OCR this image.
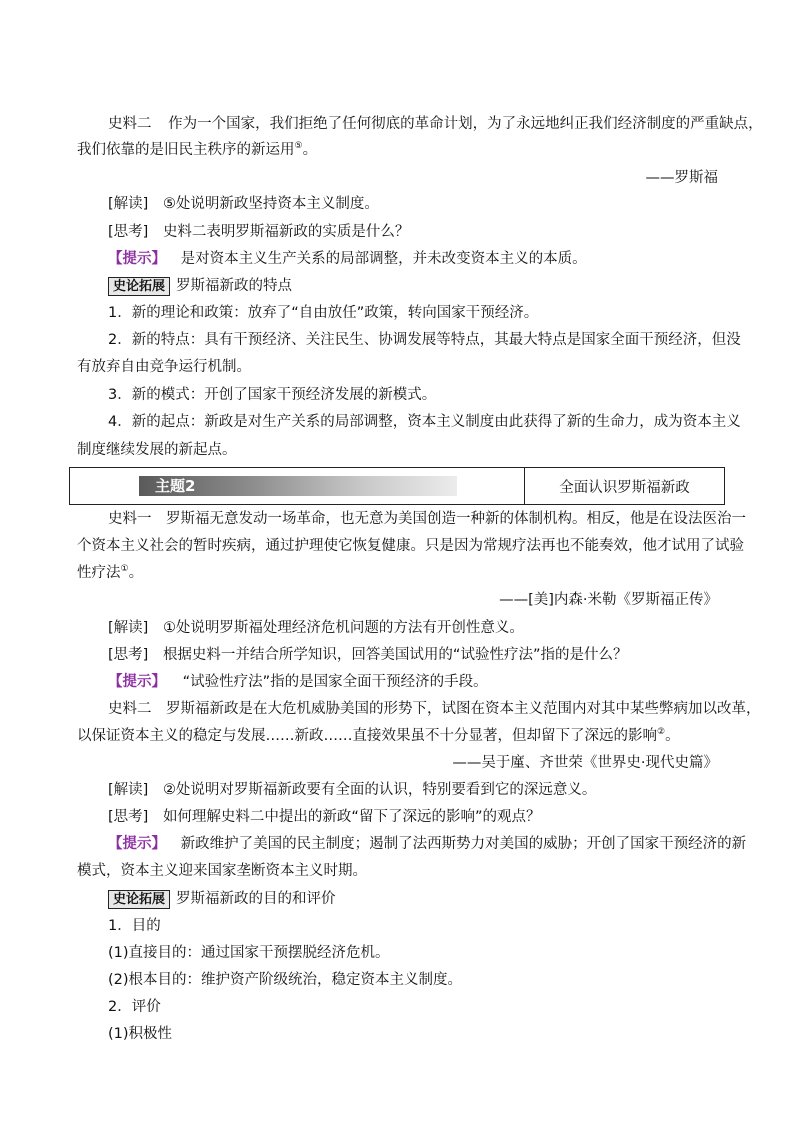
史料二 作为一个国家，我们拒绝了任何彻底的革命计划，为了永远地纠正我们经济制度的严重缺点，
我们依靠的是旧民主秩序的新运用⑤。
——罗斯福
[解读] ⑤处说明新政坚持资本主义制度。
[思考] 史料二表明罗斯福新政的实质是什么？
【提示】 是对资本主义生产关系的局部调整，并未改变资本主义的本质。
史论拓展 罗斯福新政的特点
1．新的理论和政策：放弃了“自由放任”政策，转向国家干预经济。
2．新的特点：具有干预经济、关注民生、协调发展等特点，其最大特点是国家全面干预经济，但没
有放弃自由竞争运行机制。
3．新的模式：开创了国家干预经济发展的新模式。
4．新的起点：新政是对生产关系的局部调整，资本主义制度由此获得了新的生命力，成为资本主义
制度继续发展的新起点。
主题2	全面认识罗斯福新政
史料一　罗斯福无意发动一场革命，也无意为美国创造一种新的体制机构。相反，他是在设法医治一
个资本主义社会的暂时疾病，通过护理使它恢复健康。只是因为常规疗法再也不能奏效，他才试用了试验
性疗法①。
——[美]内森·米勒《罗斯福正传》
[解读] ①处说明罗斯福处理经济危机问题的方法有开创性意义。
[思考] 根据史料一并结合所学知识，回答美国试用的“试验性疗法”指的是什么？
【提示】 “试验性疗法”指的是国家全面干预经济的手段。
史料二　罗斯福新政是在大危机威胁美国的形势下，试图在资本主义范围内对其中某些弊病加以改革，
以保证资本主义的稳定与发展……新政……直接效果虽不十分显著，但却留下了深远的影响②。
——吴于廑、齐世荣《世界史·现代史篇》
[解读] ②处说明对罗斯福新政要有全面的认识，特别要看到它的深远意义。
[思考] 如何理解史料二中提出的新政“留下了深远的影响”的观点？
【提示】 新政维护了美国的民主制度；遏制了法西斯势力对美国的威胁；开创了国家干预经济的新
模式，资本主义迎来国家垄断资本主义时期。
史论拓展 罗斯福新政的目的和评价
1．目的
(1)直接目的：通过国家干预摆脱经济危机。
(2)根本目的：维护资产阶级统治，稳定资本主义制度。
2．评价
(1)积极性
